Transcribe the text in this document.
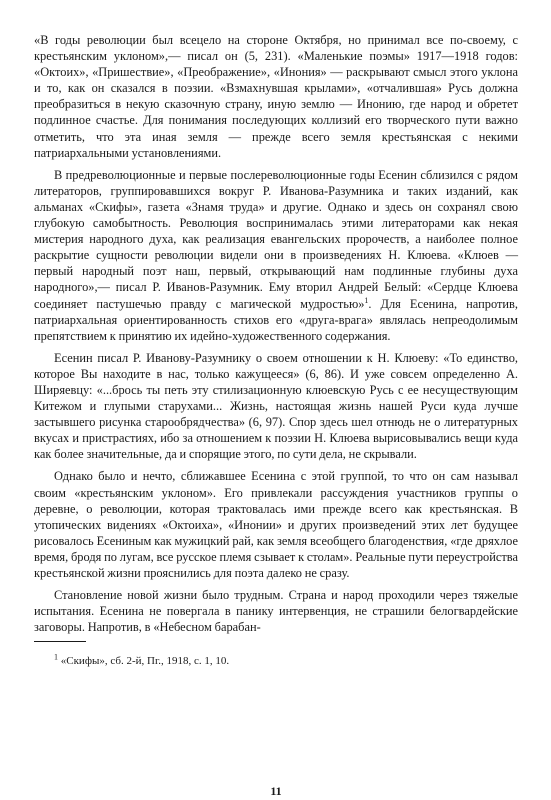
«В годы революции был всецело на стороне Октября, но принимал все по-своему, с крестьянским уклоном»,— писал он (5, 231). «Маленькие поэмы» 1917—1918 годов: «Октоих», «Пришествие», «Преображение», «Инония» — раскрывают смысл этого уклона и то, как он сказался в поэзии. «Взмахнувшая крылами», «отчалившая» Русь должна преобразиться в некую сказочную страну, иную землю — Инонию, где народ и обретет подлинное счастье. Для понимания последующих коллизий его творческого пути важно отметить, что эта иная земля — прежде всего земля крестьянская с некими патриархальными установлениями.

В предреволюционные и первые послереволюционные годы Есенин сблизился с рядом литераторов, группировавшихся вокруг Р. Иванова-Разумника и таких изданий, как альманах «Скифы», газета «Знамя труда» и другие. Однако и здесь он сохранял свою глубокую самобытность. Революция воспринималась этими литераторами как некая мистерия народного духа, как реализация евангельских пророчеств, а наиболее полное раскрытие сущности революции видели они в произведениях Н. Клюева. «Клюев — первый народный поэт наш, первый, открывающий нам подлинные глубины духа народного»,— писал Р. Иванов-Разумник. Ему вторил Андрей Белый: «Сердце Клюева соединяет пастушечью правду с магической мудростью»$^1$. Для Есенина, напротив, патриархальная ориентированность стихов его «друга-врага» являлась непреодолимым препятствием к принятию их идейно-художественного содержания.

Есенин писал Р. Иванову-Разумнику о своем отношении к Н. Клюеву: «То единство, которое Вы находите в нас, только кажущееся» (6, 86). И уже совсем определенно А. Ширяевцу: «...брось ты петь эту стилизационную клюевскую Русь с ее несуществующим Китежом и глупыми старухами... Жизнь, настоящая жизнь нашей Руси куда лучше застывшего рисунка старообрядчества» (6, 97). Спор здесь шел отнюдь не о литературных вкусах и пристрастиях, ибо за отношением к поэзии Н. Клюева вырисовывались вещи куда как более значительные, да и спорящие этого, по сути дела, не скрывали.

Однако было и нечто, сближавшее Есенина с этой группой, то что он сам называл своим «крестьянским уклоном». Его привлекали рассуждения участников группы о деревне, о революции, которая трактовалась ими прежде всего как крестьянская. В утопических видениях «Октоиха», «Инонии» и других произведений этих лет будущее рисовалось Есениным как мужицкий рай, как земля всеобщего благоденствия, «где дряхлое время, бродя по лугам, все русское племя сзывает к столам». Реальные пути переустройства крестьянской жизни прояснились для поэта далеко не сразу.

Становление новой жизни было трудным. Страна и народ проходили через тяжелые испытания. Есенина не повергала в панику интервенция, не страшили белогвардейские заговоры. Напротив, в «Небесном барабан-

$^1$ «Скифы», сб. 2-й, Пг., 1918, с. 1, 10.

11
